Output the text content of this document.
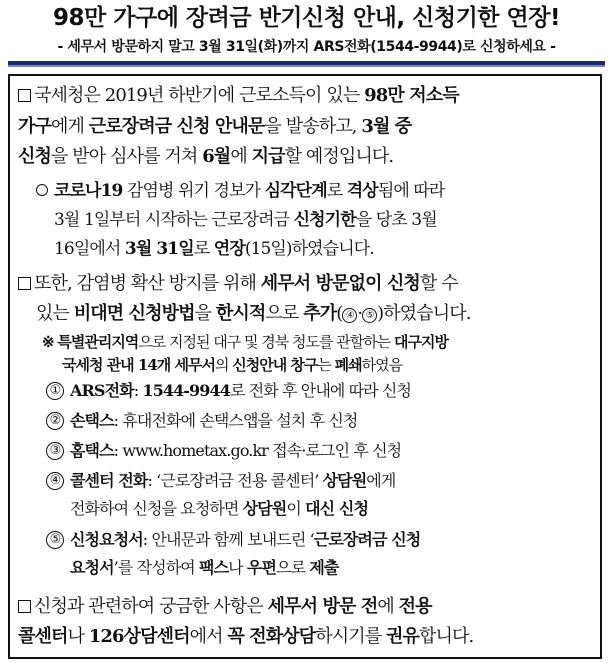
98만 가구에 장려금 반기신청 안내, 신청기한 연장!
- 세무서 방문하지 말고 3월 31일(화)까지 ARS전화(1544-9944)로 신청하세요 -
국세청은 2019년 하반기에 근로소득이 있는 98만 저소득
가구에게 근로장려금 신청 안내문을 발송하고, 3월 중
신청을 받아 심사를 거쳐 6월에 지급할 예정입니다.
코로나19 감염병 위기 경보가 심각단계로 격상됨에 따라
3월 1일부터 시작하는 근로장려금 신청기한을 당초 3월
16일에서 3월 31일로 연장(15일)하였습니다.
또한, 감염병 확산 방지를 위해 세무서 방문없이 신청할 수
있는 비대면 신청방법을 한시적으로 추가( ④ · ⑤ )하였습니다.
※ 특별관리지역으로 지정된 대구 및 경북 청도를 관할하는 대구지방
국세청 관내 14개 세무서의 신청안내 창구는 폐쇄하였음
① ARS전화: 1544-9944로 전화 후 안내에 따라 신청
② 손택스: 휴대전화에 손택스앱을 설치 후 신청
③ 홈택스: www.hometax.go.kr 접속·로그인 후 신청
④ 콜센터 전화: ‘근로장려금 전용 콜센터’ 상담원에게
전화하여 신청을 요청하면 상담원이 대신 신청
⑤ 신청요청서: 안내문과 함께 보내드린 ‘근로장려금 신청
요청서’를 작성하여 팩스나 우편으로 제출
신청과 관련하여 궁금한 사항은 세무서 방문 전에 전용
콜센터나 126상담센터에서 꼭 전화상담하시기를 권유합니다.
